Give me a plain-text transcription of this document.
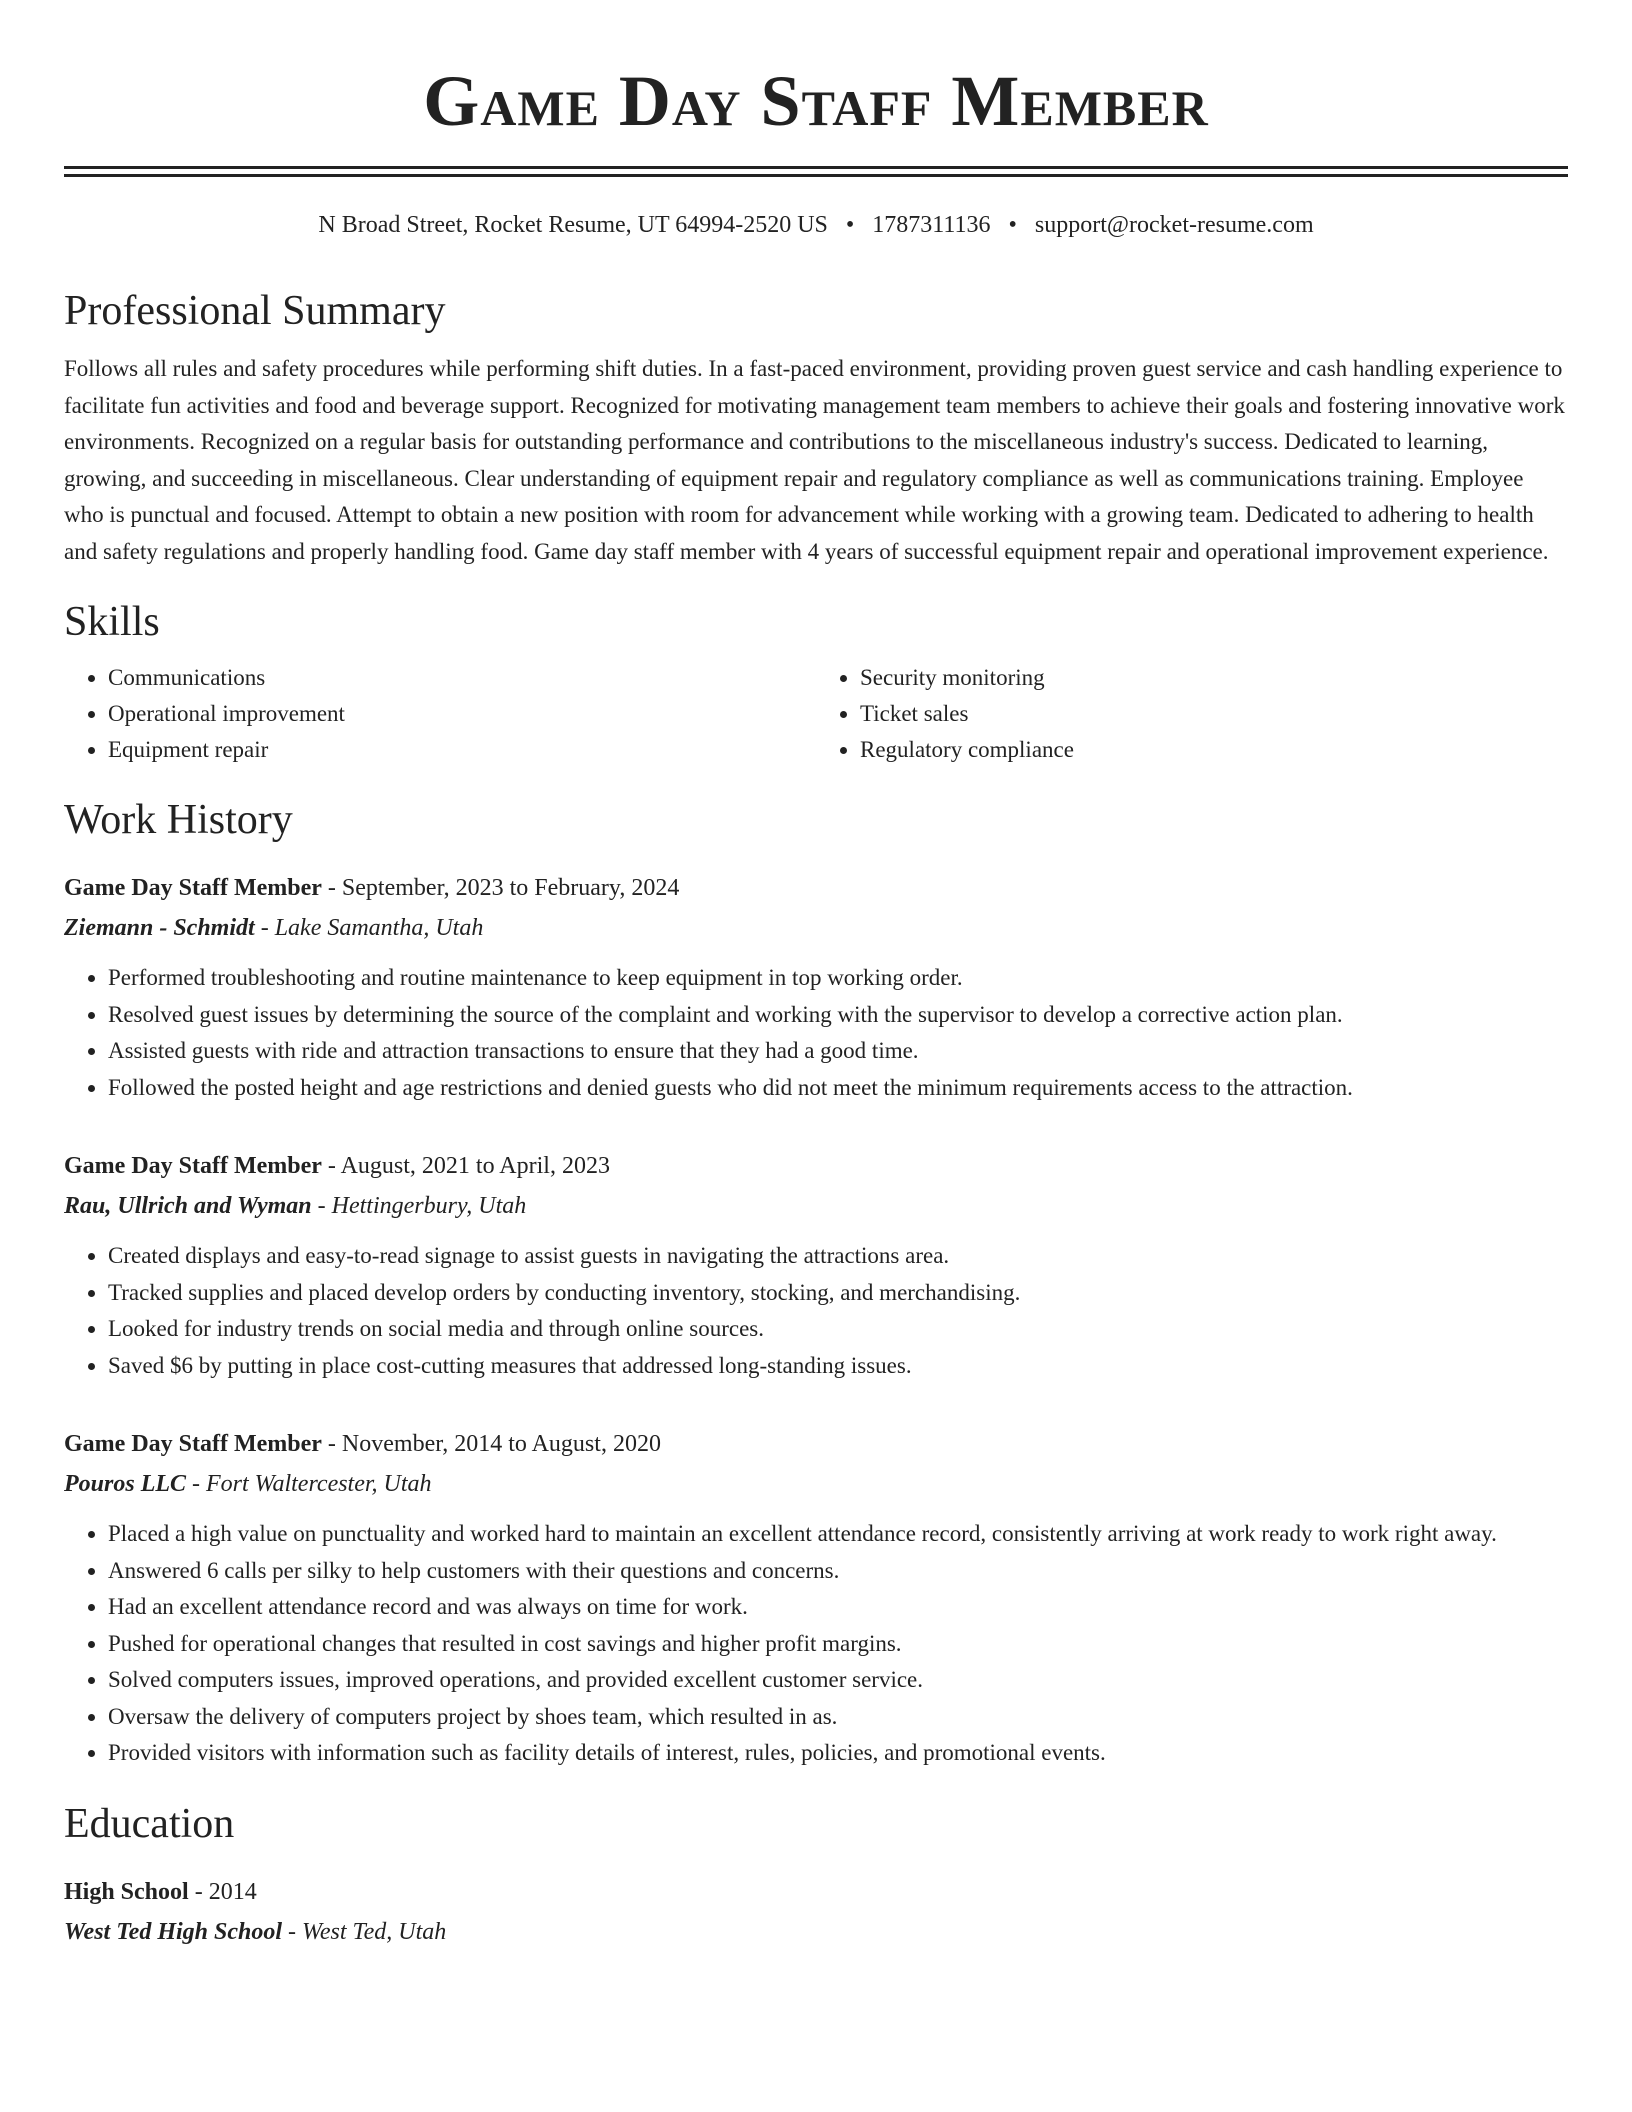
Game Day Staff Member
N Broad Street, Rocket Resume, UT 64994-2520 US • 1787311136 • support@rocket-resume.com
Professional Summary
Follows all rules and safety procedures while performing shift duties. In a fast-paced environment, providing proven guest service and cash handling experience to facilitate fun activities and food and beverage support. Recognized for motivating management team members to achieve their goals and fostering innovative work environments. Recognized on a regular basis for outstanding performance and contributions to the miscellaneous industry's success. Dedicated to learning, growing, and succeeding in miscellaneous. Clear understanding of equipment repair and regulatory compliance as well as communications training. Employee who is punctual and focused. Attempt to obtain a new position with room for advancement while working with a growing team. Dedicated to adhering to health and safety regulations and properly handling food. Game day staff member with 4 years of successful equipment repair and operational improvement experience.
Skills
• Communications
• Operational improvement
• Equipment repair
• Security monitoring
• Ticket sales
• Regulatory compliance
Work History
Game Day Staff Member - September, 2023 to February, 2024
Ziemann - Schmidt - Lake Samantha, Utah
• Performed troubleshooting and routine maintenance to keep equipment in top working order.
• Resolved guest issues by determining the source of the complaint and working with the supervisor to develop a corrective action plan.
• Assisted guests with ride and attraction transactions to ensure that they had a good time.
• Followed the posted height and age restrictions and denied guests who did not meet the minimum requirements access to the attraction.
Game Day Staff Member - August, 2021 to April, 2023
Rau, Ullrich and Wyman - Hettingerbury, Utah
• Created displays and easy-to-read signage to assist guests in navigating the attractions area.
• Tracked supplies and placed develop orders by conducting inventory, stocking, and merchandising.
• Looked for industry trends on social media and through online sources.
• Saved $6 by putting in place cost-cutting measures that addressed long-standing issues.
Game Day Staff Member - November, 2014 to August, 2020
Pouros LLC - Fort Waltercester, Utah
• Placed a high value on punctuality and worked hard to maintain an excellent attendance record, consistently arriving at work ready to work right away.
• Answered 6 calls per silky to help customers with their questions and concerns.
• Had an excellent attendance record and was always on time for work.
• Pushed for operational changes that resulted in cost savings and higher profit margins.
• Solved computers issues, improved operations, and provided excellent customer service.
• Oversaw the delivery of computers project by shoes team, which resulted in as.
• Provided visitors with information such as facility details of interest, rules, policies, and promotional events.
Education
High School - 2014
West Ted High School - West Ted, Utah
